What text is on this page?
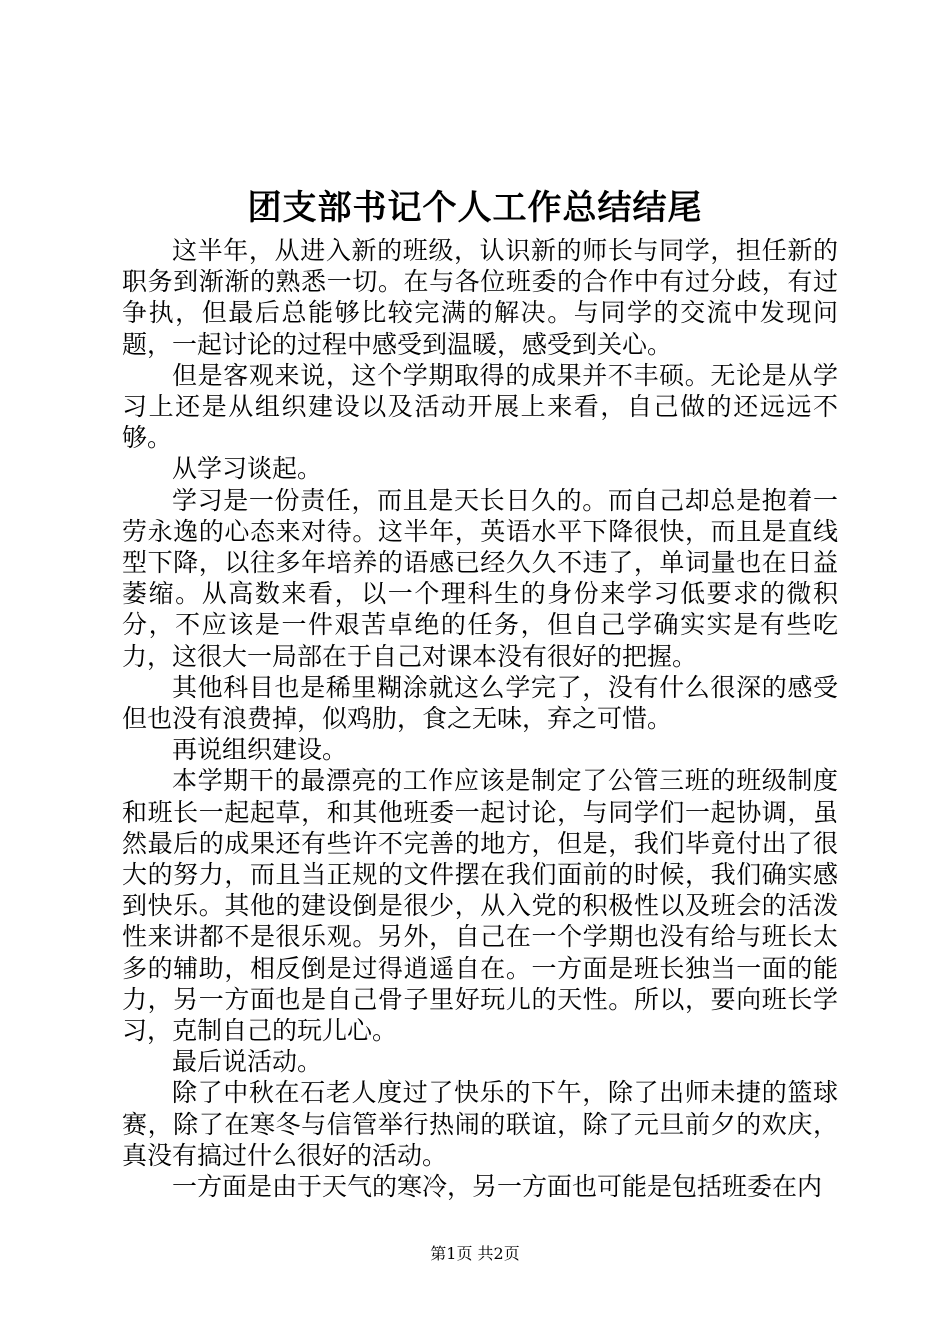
团支部书记个人工作总结结尾

这半年，从进入新的班级，认识新的师长与同学，担任新的职务到渐渐的熟悉一切。在与各位班委的合作中有过分歧，有过争执，但最后总能够比较完满的解决。与同学的交流中发现问题，一起讨论的过程中感受到温暖，感受到关心。

但是客观来说，这个学期取得的成果并不丰硕。无论是从学习上还是从组织建设以及活动开展上来看，自己做的还远远不够。

从学习谈起。

学习是一份责任，而且是天长日久的。而自己却总是抱着一劳永逸的心态来对待。这半年，英语水平下降很快，而且是直线型下降，以往多年培养的语感已经久久不违了，单词量也在日益萎缩。从高数来看，以一个理科生的身份来学习低要求的微积分，不应该是一件艰苦卓绝的任务，但自己学确实实是有些吃力，这很大一局部在于自己对课本没有很好的把握。

其他科目也是稀里糊涂就这么学完了，没有什么很深的感受但也没有浪费掉，似鸡肋，食之无味，弃之可惜。

再说组织建设。

本学期干的最漂亮的工作应该是制定了公管三班的班级制度和班长一起起草，和其他班委一起讨论，与同学们一起协调，虽然最后的成果还有些许不完善的地方，但是，我们毕竟付出了很大的努力，而且当正规的文件摆在我们面前的时候，我们确实感到快乐。其他的建设倒是很少，从入党的积极性以及班会的活泼性来讲都不是很乐观。另外，自己在一个学期也没有给与班长太多的辅助，相反倒是过得逍遥自在。一方面是班长独当一面的能力，另一方面也是自己骨子里好玩儿的天性。所以，要向班长学习，克制自己的玩儿心。

最后说活动。

除了中秋在石老人度过了快乐的下午，除了出师未捷的篮球赛，除了在寒冬与信管举行热闹的联谊，除了元旦前夕的欢庆，真没有搞过什么很好的活动。

一方面是由于天气的寒冷，另一方面也可能是包括班委在内

第1页 共2页
